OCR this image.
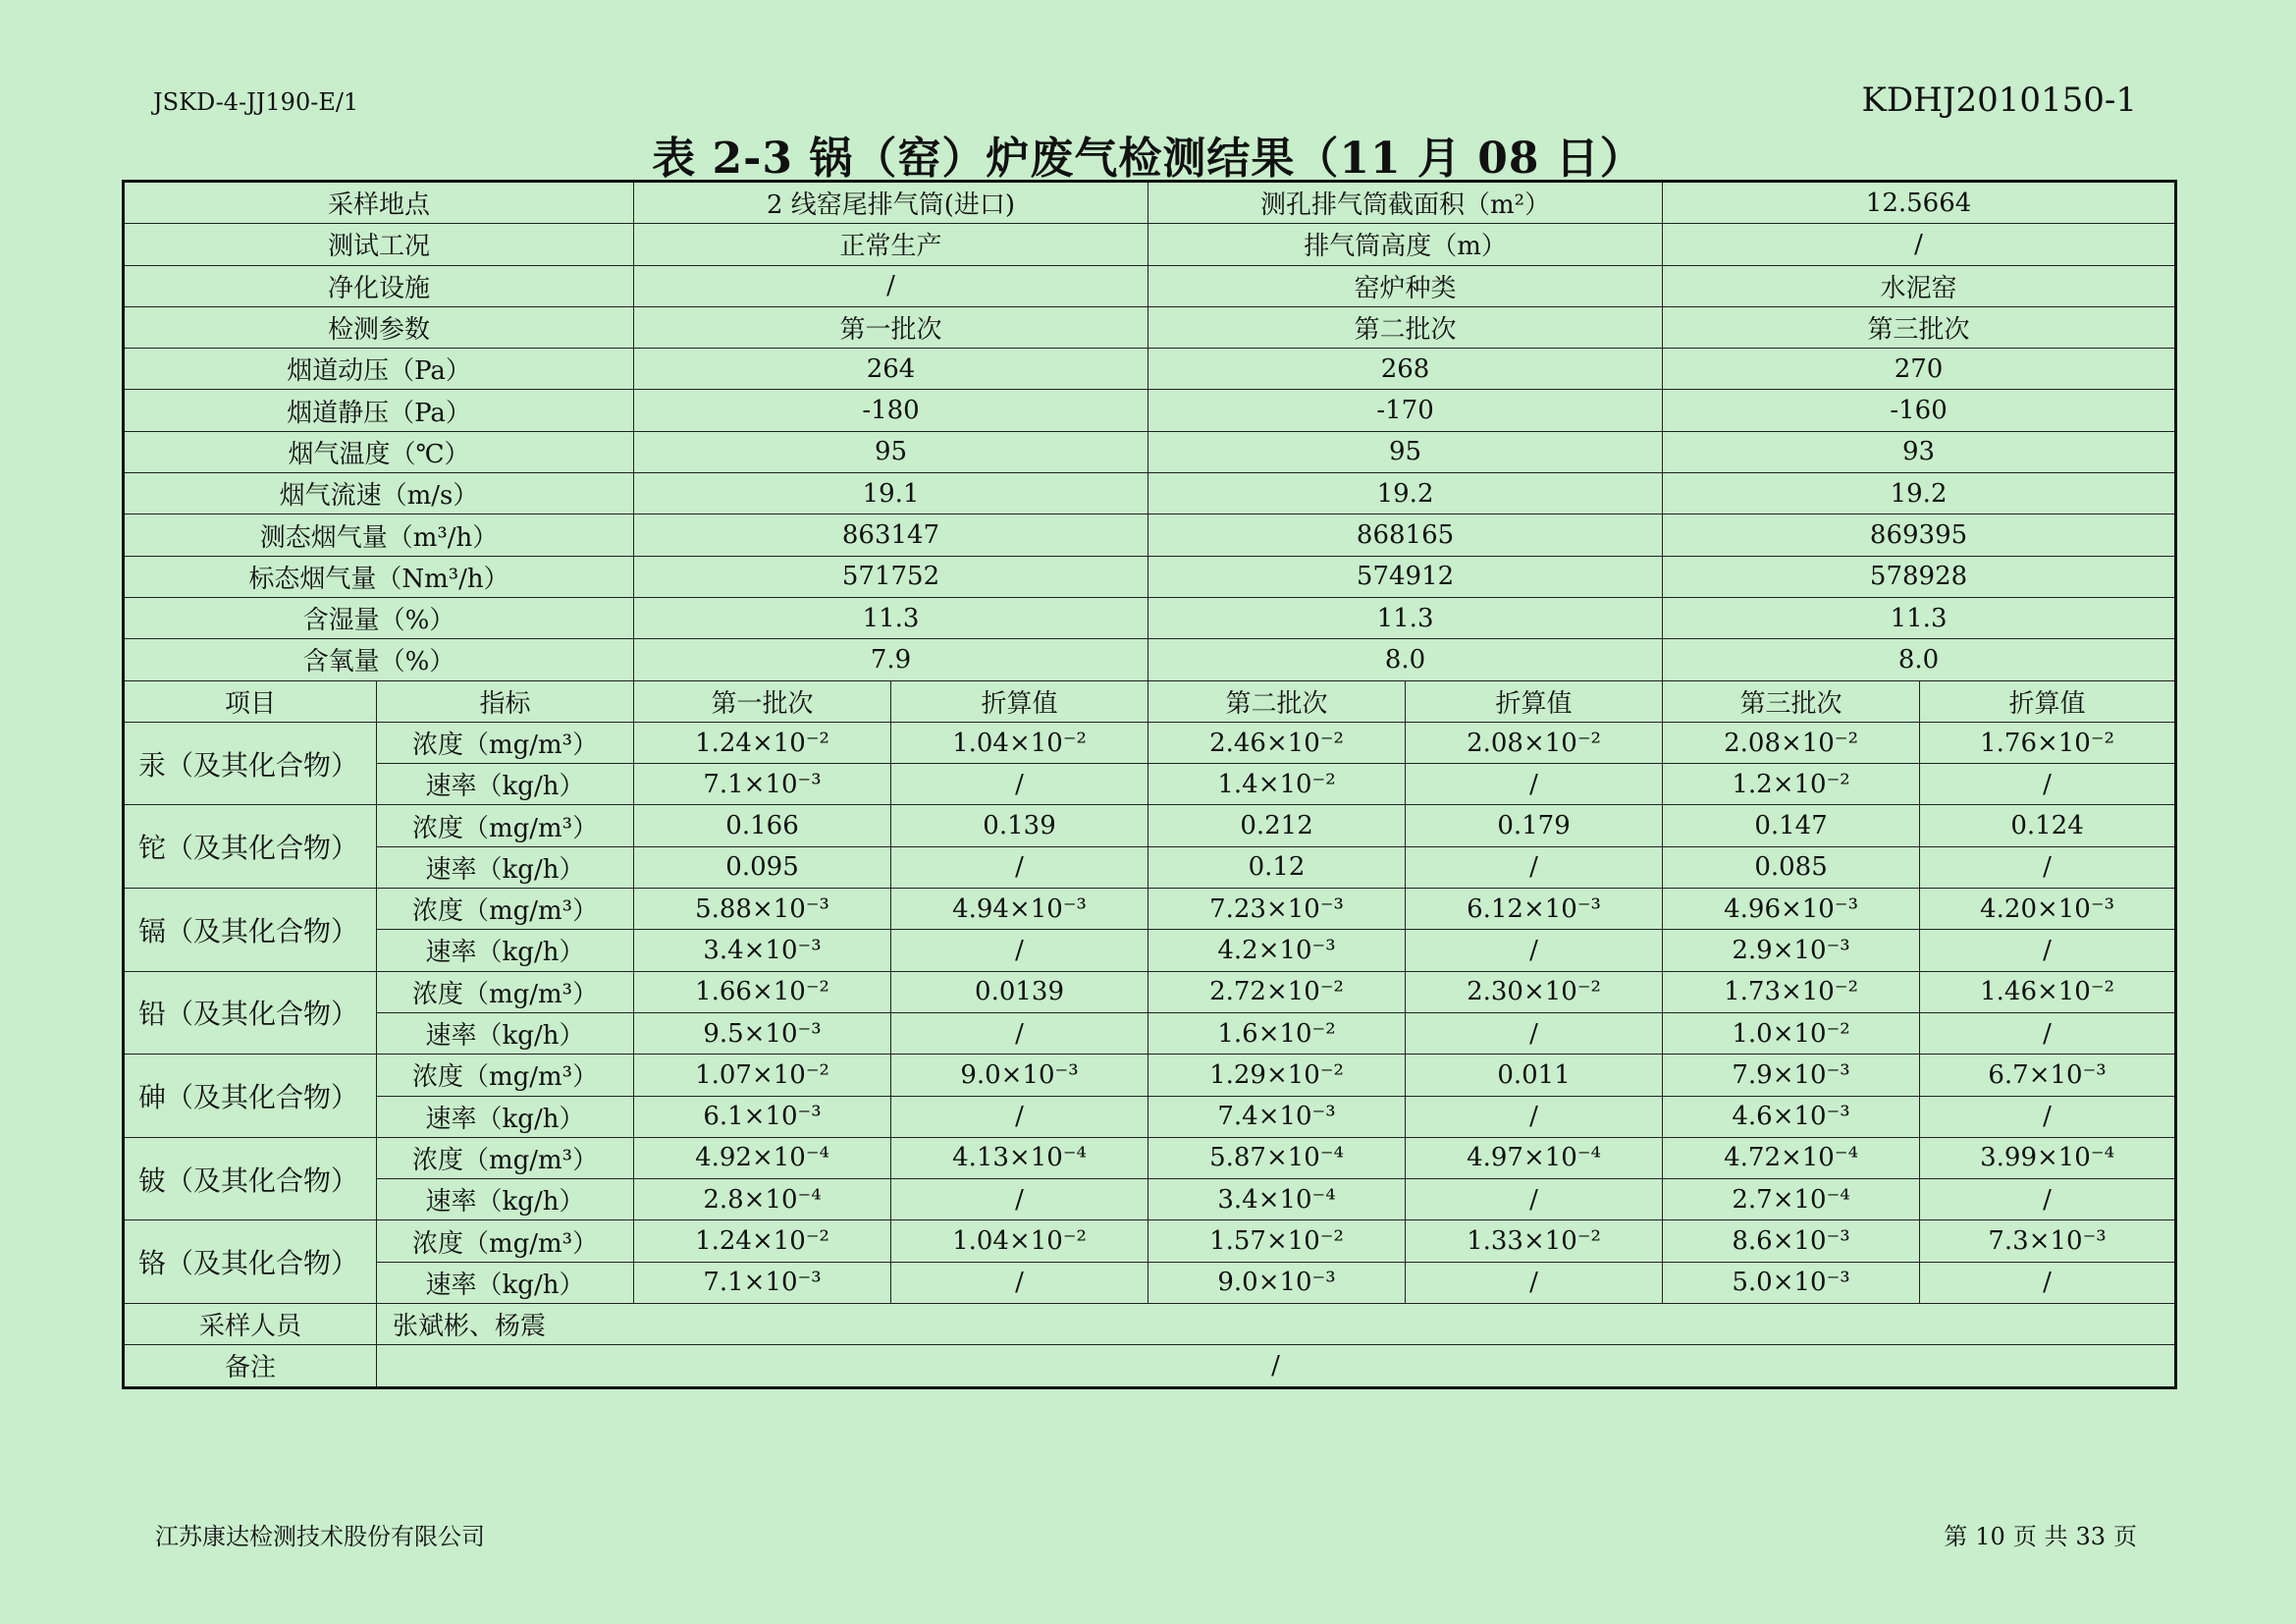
JSKD-4-JJ190-E/1	KDHJ2010150-1
表 2-3 锅（窑）炉废气检测结果（11 月 08 日）
采样地点		2 线窑尾排气筒(进口)		测孔排气筒截面积（m²）		12.5664	
测试工况		正常生产		排气筒高度（m）		/	
净化设施		/		窑炉种类		水泥窑	
检测参数		第一批次		第二批次		第三批次	
烟道动压（Pa）		264		268		270	
烟道静压（Pa）		-180		-170		-160	
烟气温度（℃）		95		95		93	
烟气流速（m/s）		19.1		19.2		19.2	
测态烟气量（m³/h）		863147		868165		869395	
标态烟气量（Nm³/h）		571752		574912		578928	
含湿量（%）		11.3		11.3		11.3	
含氧量（%）		7.9		8.0		8.0	
项目	指标	第一批次	折算值	第二批次	折算值	第三批次	折算值
汞（及其化合物）	浓度（mg/m³）	1.24×10⁻²	1.04×10⁻²	2.46×10⁻²	2.08×10⁻²	2.08×10⁻²	1.76×10⁻²
	速率（kg/h）	7.1×10⁻³	/	1.4×10⁻²	/	1.2×10⁻²	/
铊（及其化合物）	浓度（mg/m³）	0.166	0.139	0.212	0.179	0.147	0.124
	速率（kg/h）	0.095	/	0.12	/	0.085	/
镉（及其化合物）	浓度（mg/m³）	5.88×10⁻³	4.94×10⁻³	7.23×10⁻³	6.12×10⁻³	4.96×10⁻³	4.20×10⁻³
	速率（kg/h）	3.4×10⁻³	/	4.2×10⁻³	/	2.9×10⁻³	/
铅（及其化合物）	浓度（mg/m³）	1.66×10⁻²	0.0139	2.72×10⁻²	2.30×10⁻²	1.73×10⁻²	1.46×10⁻²
	速率（kg/h）	9.5×10⁻³	/	1.6×10⁻²	/	1.0×10⁻²	/
砷（及其化合物）	浓度（mg/m³）	1.07×10⁻²	9.0×10⁻³	1.29×10⁻²	0.011	7.9×10⁻³	6.7×10⁻³
	速率（kg/h）	6.1×10⁻³	/	7.4×10⁻³	/	4.6×10⁻³	/
铍（及其化合物）	浓度（mg/m³）	4.92×10⁻⁴	4.13×10⁻⁴	5.87×10⁻⁴	4.97×10⁻⁴	4.72×10⁻⁴	3.99×10⁻⁴
	速率（kg/h）	2.8×10⁻⁴	/	3.4×10⁻⁴	/	2.7×10⁻⁴	/
铬（及其化合物）	浓度（mg/m³）	1.24×10⁻²	1.04×10⁻²	1.57×10⁻²	1.33×10⁻²	8.6×10⁻³	7.3×10⁻³
	速率（kg/h）	7.1×10⁻³	/	9.0×10⁻³	/	5.0×10⁻³	/
采样人员	张斌彬、杨震						
备注	/						
江苏康达检测技术股份有限公司	第 10 页 共 33 页
